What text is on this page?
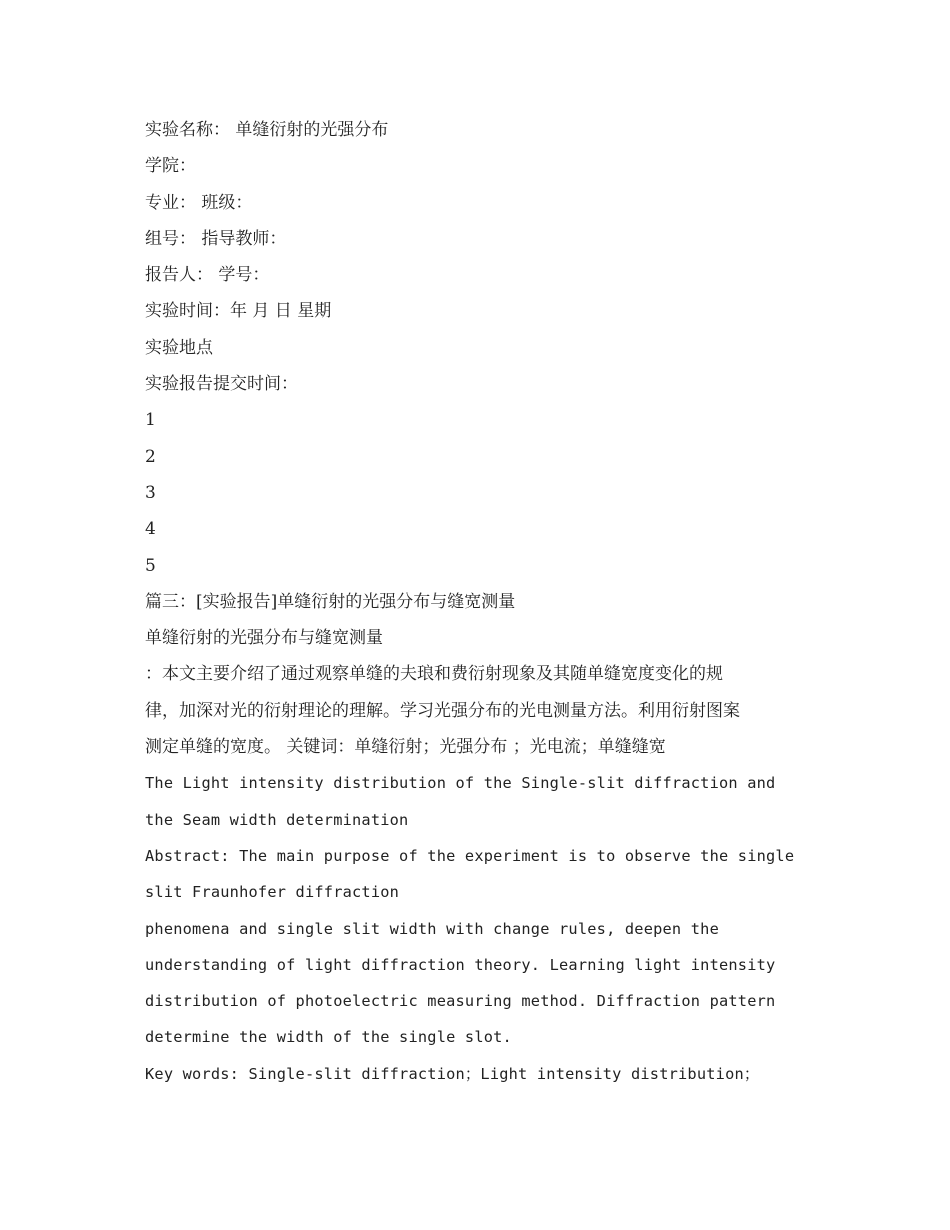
实验名称： 单缝衍射的光强分布
学院：
专业： 班级：
组号： 指导教师：
报告人： 学号：
实验时间：年 月 日 星期
实验地点
实验报告提交时间：
1
2
3
4
5
篇三：[实验报告]单缝衍射的光强分布与缝宽测量
单缝衍射的光强分布与缝宽测量
：本文主要介绍了通过观察单缝的夫琅和费衍射现象及其随单缝宽度变化的规
律，加深对光的衍射理论的理解。学习光强分布的光电测量方法。利用衍射图案
测定单缝的宽度。 关键词：单缝衍射；光强分布 ；光电流；单缝缝宽
The Light intensity distribution of the Single-slit diffraction and
the Seam width determination
Abstract: The main purpose of the experiment is to observe the single
slit Fraunhofer diffraction
phenomena and single slit width with change rules, deepen the
understanding of light diffraction theory. Learning light intensity
distribution of photoelectric measuring method. Diffraction pattern
determine the width of the single slot.
Key words: Single-slit diffraction；Light intensity distribution；
